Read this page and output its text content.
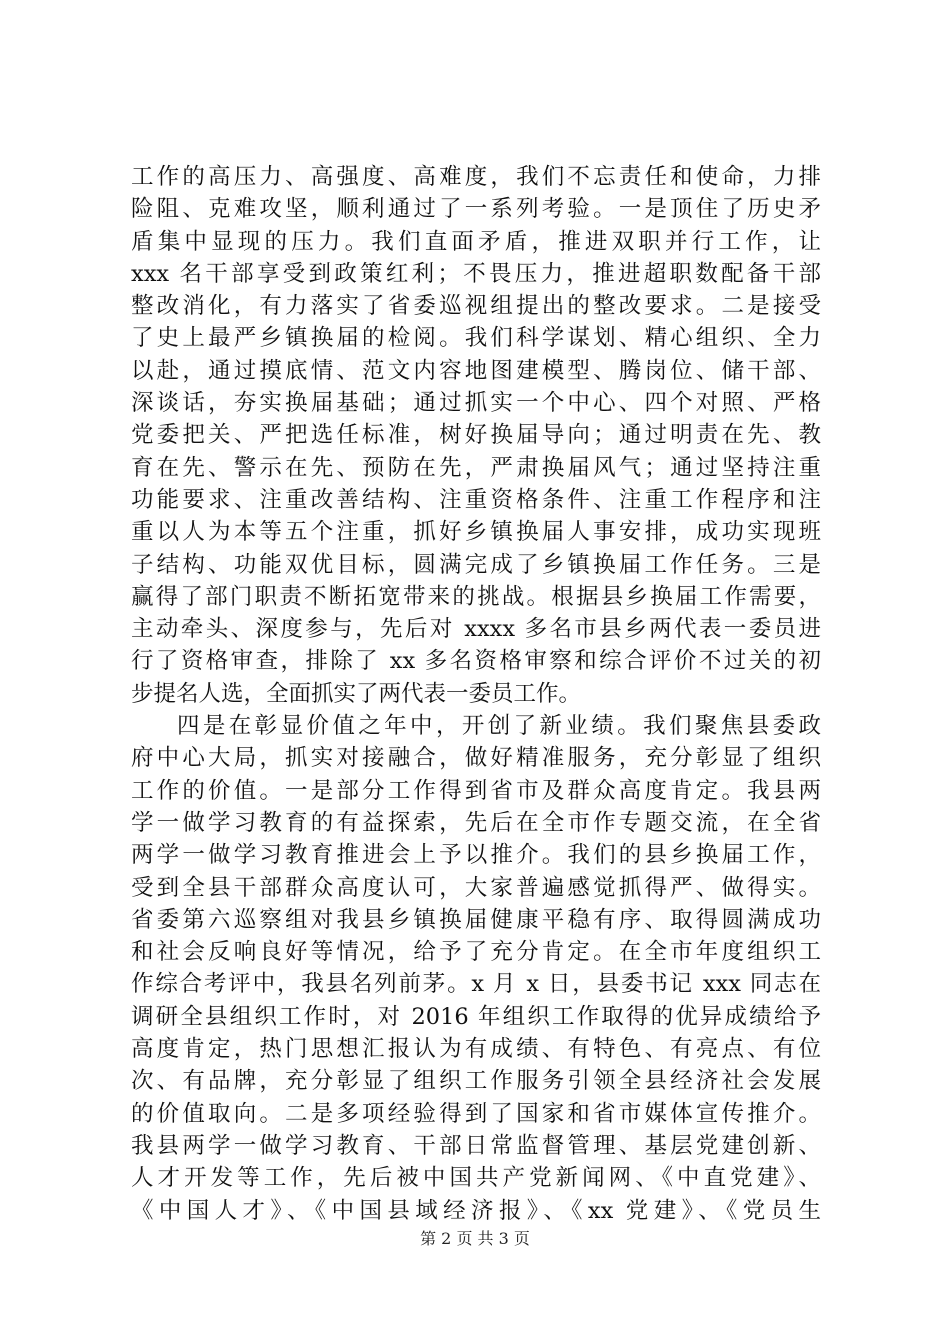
工作的高压力、高强度、高难度，我们不忘责任和使命，力排
险阻、克难攻坚，顺利通过了一系列考验。一是顶住了历史矛
盾集中显现的压力。我们直面矛盾，推进双职并行工作，让
xxx 名干部享受到政策红利；不畏压力，推进超职数配备干部
整改消化，有力落实了省委巡视组提出的整改要求。二是接受
了史上最严乡镇换届的检阅。我们科学谋划、精心组织、全力
以赴，通过摸底情、范文内容地图建模型、腾岗位、储干部、
深谈话，夯实换届基础；通过抓实一个中心、四个对照、严格
党委把关、严把选任标准，树好换届导向；通过明责在先、教
育在先、警示在先、预防在先，严肃换届风气；通过坚持注重
功能要求、注重改善结构、注重资格条件、注重工作程序和注
重以人为本等五个注重，抓好乡镇换届人事安排，成功实现班
子结构、功能双优目标，圆满完成了乡镇换届工作任务。三是
赢得了部门职责不断拓宽带来的挑战。根据县乡换届工作需要，
主动牵头、深度参与，先后对 xxxx 多名市县乡两代表一委员进
行了资格审查，排除了 xx 多名资格审察和综合评价不过关的初
步提名人选，全面抓实了两代表一委员工作。
四是在彰显价值之年中，开创了新业绩。我们聚焦县委政
府中心大局，抓实对接融合，做好精准服务，充分彰显了组织
工作的价值。一是部分工作得到省市及群众高度肯定。我县两
学一做学习教育的有益探索，先后在全市作专题交流，在全省
两学一做学习教育推进会上予以推介。我们的县乡换届工作，
受到全县干部群众高度认可，大家普遍感觉抓得严、做得实。
省委第六巡察组对我县乡镇换届健康平稳有序、取得圆满成功
和社会反响良好等情况，给予了充分肯定。在全市年度组织工
作综合考评中，我县名列前茅。x 月 x 日，县委书记 xxx 同志在
调研全县组织工作时，对 2016 年组织工作取得的优异成绩给予
高度肯定，热门思想汇报认为有成绩、有特色、有亮点、有位
次、有品牌，充分彰显了组织工作服务引领全县经济社会发展
的价值取向。二是多项经验得到了国家和省市媒体宣传推介。
我县两学一做学习教育、干部日常监督管理、基层党建创新、
人才开发等工作，先后被中国共产党新闻网、《中直党建》、
《中国人才》、《中国县域经济报》、《xx 党建》、《党员生
第 2 页 共 3 页
